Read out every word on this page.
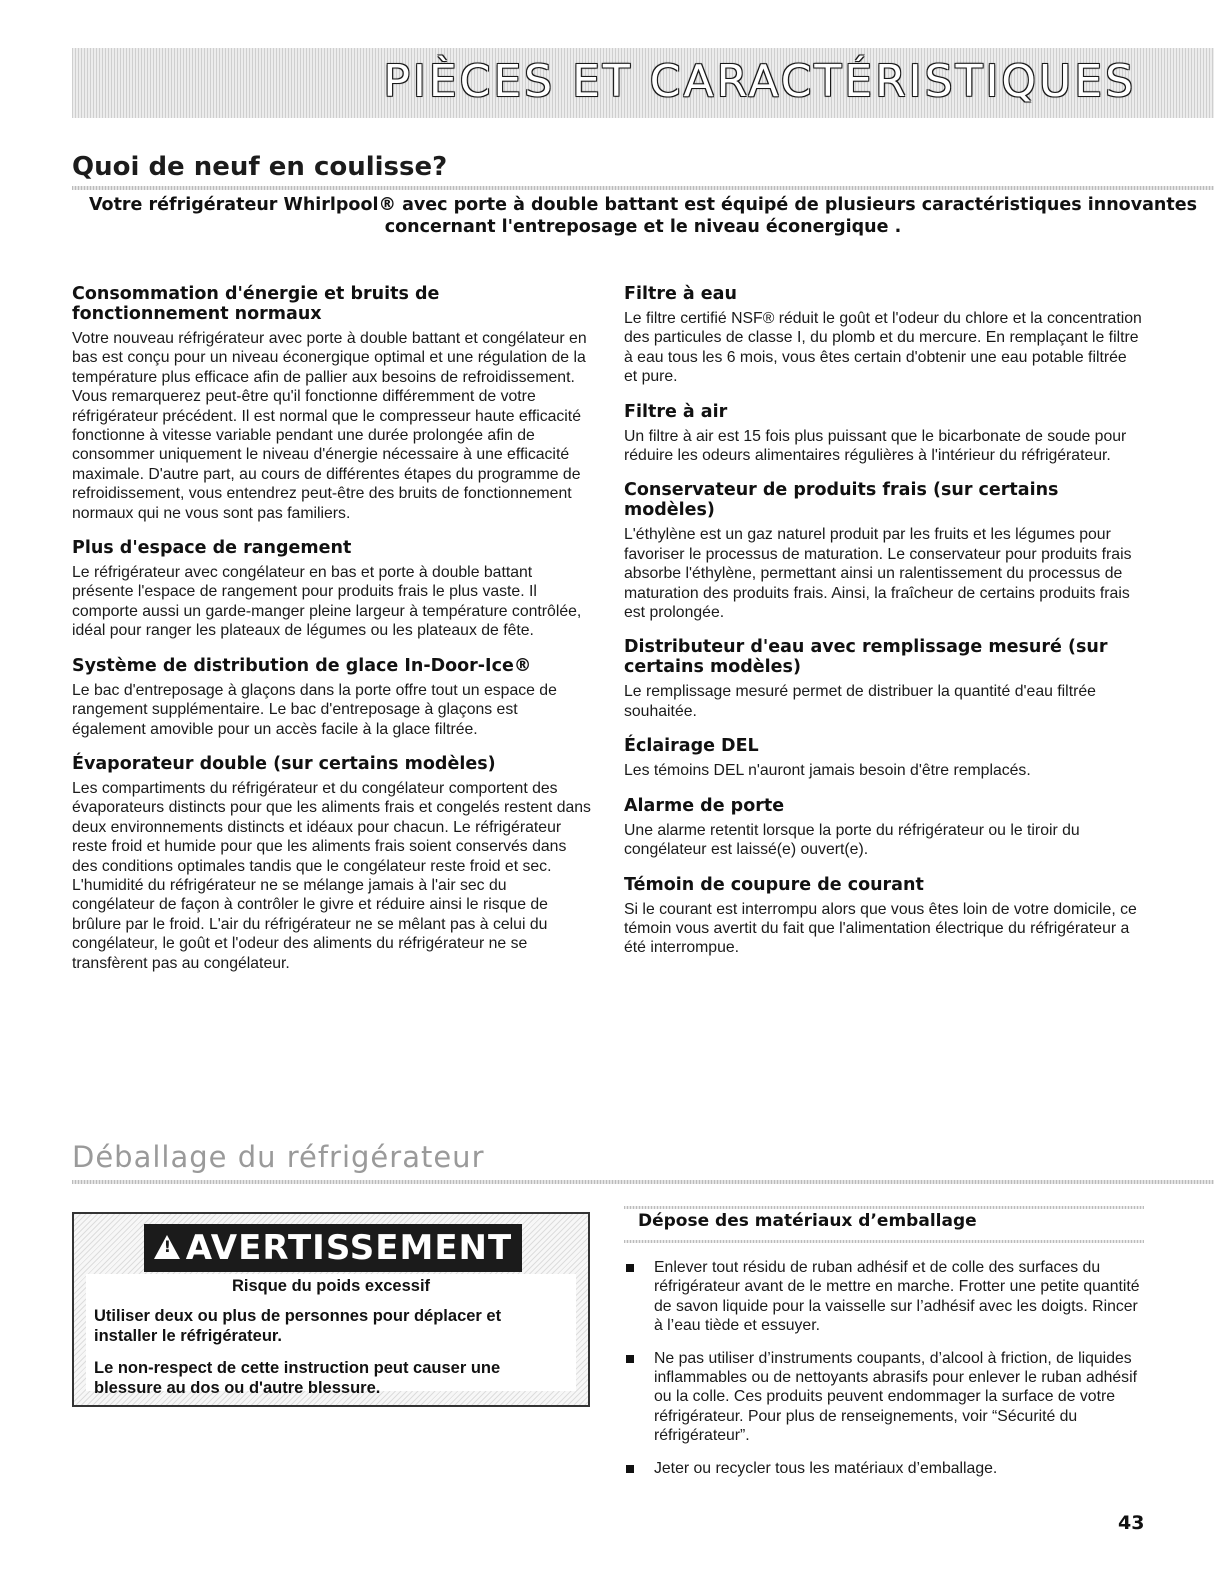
PIÈCES ET CARACTÉRISTIQUES
Quoi de neuf en coulisse?
Votre réfrigérateur Whirlpool® avec porte à double battant est équipé de plusieurs caractéristiques innovantes
concernant l'entreposage et le niveau éconergique .
Consommation d'énergie et bruits de fonctionnement normaux

Votre nouveau réfrigérateur avec porte à double battant et congélateur en bas est conçu pour un niveau éconergique optimal et une régulation de la température plus efficace afin de pallier aux besoins de refroidissement. Vous remarquerez peut-être qu'il fonctionne différemment de votre réfrigérateur précédent. Il est normal que le compresseur haute efficacité fonctionne à vitesse variable pendant une durée prolongée afin de consommer uniquement le niveau d'énergie nécessaire à une efficacité maximale. D'autre part, au cours de différentes étapes du programme de refroidissement, vous entendrez peut-être des bruits de fonctionnement normaux qui ne vous sont pas familiers.

Plus d'espace de rangement

Le réfrigérateur avec congélateur en bas et porte à double battant présente l'espace de rangement pour produits frais le plus vaste. Il comporte aussi un garde-manger pleine largeur à température contrôlée, idéal pour ranger les plateaux de légumes ou les plateaux de fête.

Système de distribution de glace In-Door-Ice®

Le bac d'entreposage à glaçons dans la porte offre tout un espace de rangement supplémentaire. Le bac d'entreposage à glaçons est également amovible pour un accès facile à la glace filtrée.

Évaporateur double (sur certains modèles)

Les compartiments du réfrigérateur et du congélateur comportent des évaporateurs distincts pour que les aliments frais et congelés restent dans deux environnements distincts et idéaux pour chacun. Le réfrigérateur reste froid et humide pour que les aliments frais soient conservés dans des conditions optimales tandis que le congélateur reste froid et sec. L'humidité du réfrigérateur ne se mélange jamais à l'air sec du congélateur de façon à contrôler le givre et réduire ainsi le risque de brûlure par le froid. L'air du réfrigérateur ne se mêlant pas à celui du congélateur, le goût et l'odeur des aliments du réfrigérateur ne se transfèrent pas au congélateur.

Filtre à eau

Le filtre certifié NSF® réduit le goût et l'odeur du chlore et la concentration des particules de classe I, du plomb et du mercure. En remplaçant le filtre à eau tous les 6 mois, vous êtes certain d'obtenir une eau potable filtrée et pure.

Filtre à air

Un filtre à air est 15 fois plus puissant que le bicarbonate de soude pour réduire les odeurs alimentaires régulières à l'intérieur du réfrigérateur.

Conservateur de produits frais (sur certains modèles)

L'éthylène est un gaz naturel produit par les fruits et les légumes pour favoriser le processus de maturation. Le conservateur pour produits frais absorbe l'éthylène, permettant ainsi un ralentissement du processus de maturation des produits frais. Ainsi, la fraîcheur de certains produits frais est prolongée.

Distributeur d'eau avec remplissage mesuré (sur certains modèles)

Le remplissage mesuré permet de distribuer la quantité d'eau filtrée souhaitée.

Éclairage DEL

Les témoins DEL n'auront jamais besoin d'être remplacés.

Alarme de porte

Une alarme retentit lorsque la porte du réfrigérateur ou le tiroir du congélateur est laissé(e) ouvert(e).

Témoin de coupure de courant

Si le courant est interrompu alors que vous êtes loin de votre domicile, ce témoin vous avertit du fait que l'alimentation électrique du réfrigérateur a été interrompue.

Déballage du réfrigérateur
! AVERTISSEMENT
Risque du poids excessif
Utiliser deux ou plus de personnes pour déplacer et installer le réfrigérateur.
Le non-respect de cette instruction peut causer une blessure au dos ou d'autre blessure.
Dépose des matériaux d’emballage
Enlever tout résidu de ruban adhésif et de colle des surfaces du réfrigérateur avant de le mettre en marche. Frotter une petite quantité de savon liquide pour la vaisselle sur l’adhésif avec les doigts. Rincer à l’eau tiède et essuyer.
Ne pas utiliser d’instruments coupants, d’alcool à friction, de liquides inflammables ou de nettoyants abrasifs pour enlever le ruban adhésif ou la colle. Ces produits peuvent endommager la surface de votre réfrigérateur. Pour plus de renseignements, voir “Sécurité du réfrigérateur”.
Jeter ou recycler tous les matériaux d’emballage.
43
